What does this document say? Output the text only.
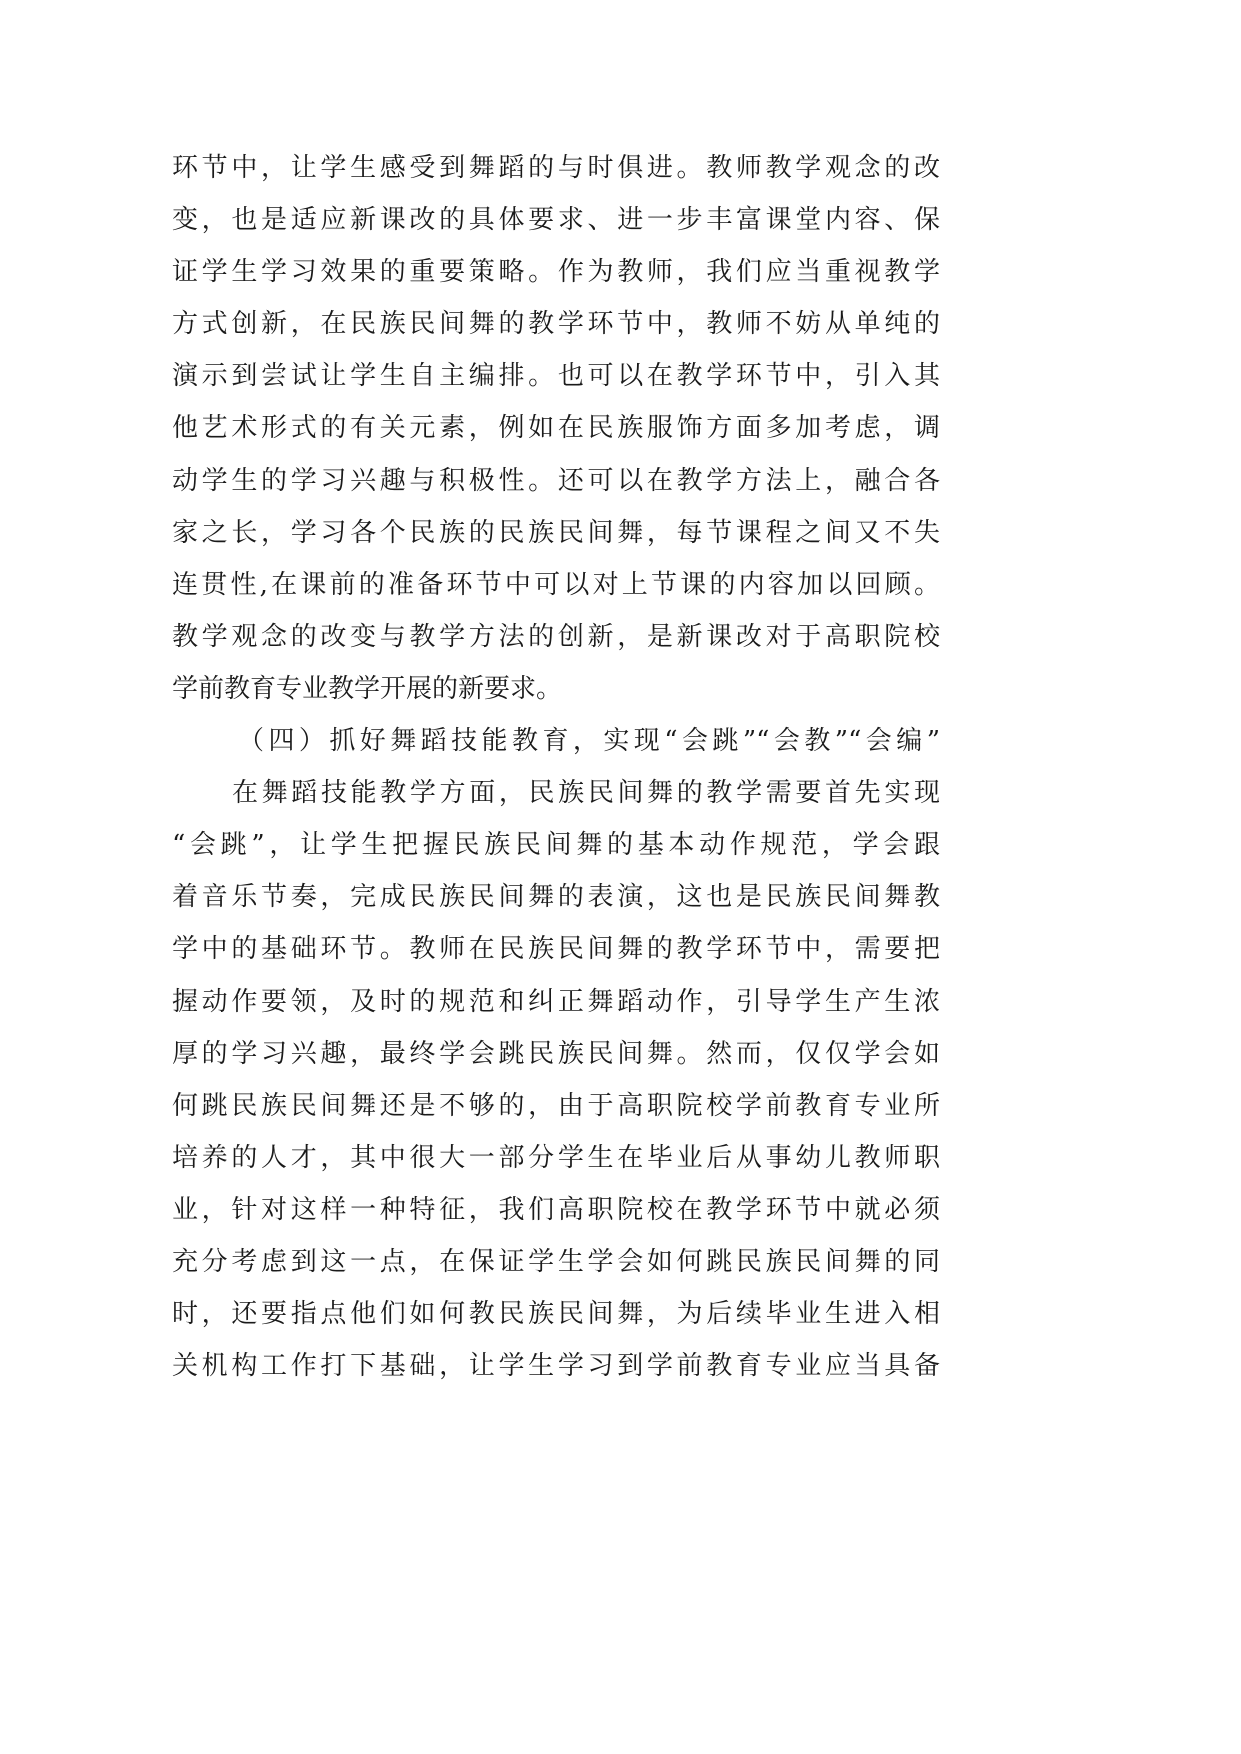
环节中，让学生感受到舞蹈的与时俱进。教师教学观念的改
变，也是适应新课改的具体要求、进一步丰富课堂内容、保
证学生学习效果的重要策略。作为教师，我们应当重视教学
方式创新，在民族民间舞的教学环节中，教师不妨从单纯的
演示到尝试让学生自主编排。也可以在教学环节中，引入其
他艺术形式的有关元素，例如在民族服饰方面多加考虑，调
动学生的学习兴趣与积极性。还可以在教学方法上，融合各
家之长，学习各个民族的民族民间舞，每节课程之间又不失
连贯性,在课前的准备环节中可以对上节课的内容加以回顾。
教学观念的改变与教学方法的创新，是新课改对于高职院校
学前教育专业教学开展的新要求。
（四）抓好舞蹈技能教育，实现“会跳”“会教”“会编”
在舞蹈技能教学方面，民族民间舞的教学需要首先实现
“会跳”，让学生把握民族民间舞的基本动作规范，学会跟
着音乐节奏，完成民族民间舞的表演，这也是民族民间舞教
学中的基础环节。教师在民族民间舞的教学环节中，需要把
握动作要领，及时的规范和纠正舞蹈动作，引导学生产生浓
厚的学习兴趣，最终学会跳民族民间舞。然而，仅仅学会如
何跳民族民间舞还是不够的，由于高职院校学前教育专业所
培养的人才，其中很大一部分学生在毕业后从事幼儿教师职
业，针对这样一种特征，我们高职院校在教学环节中就必须
充分考虑到这一点，在保证学生学会如何跳民族民间舞的同
时，还要指点他们如何教民族民间舞，为后续毕业生进入相
关机构工作打下基础，让学生学习到学前教育专业应当具备
